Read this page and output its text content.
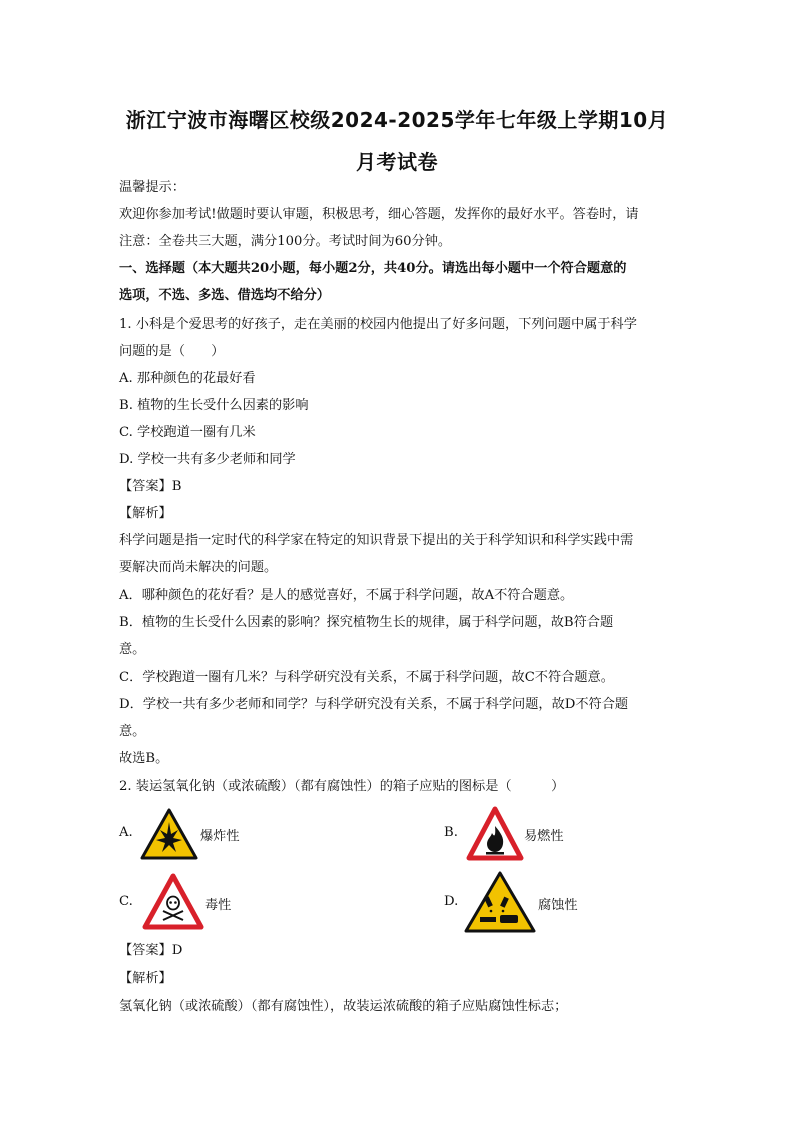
浙江宁波市海曙区校级2024-2025学年七年级上学期10月
月考试卷
温馨提示：
欢迎你参加考试!做题时要认审题，积极思考，细心答题，发挥你的最好水平。答卷时，请
注意：全卷共三大题，满分100分。考试时间为60分钟。
一、选择题（本大题共20小题，每小题2分，共40分。请选出每小题中一个符合题意的
选项，不选、多选、借选均不给分）
1. 小科是个爱思考的好孩子，走在美丽的校园内他提出了好多问题，下列问题中属于科学
问题的是（　　）
A. 那种颜色的花最好看
B. 植物的生长受什么因素的影响
C. 学校跑道一圈有几米
D. 学校一共有多少老师和同学
【答案】B
【解析】
科学问题是指一定时代的科学家在特定的知识背景下提出的关于科学知识和科学实践中需
要解决而尚未解决的问题。
A．哪种颜色的花好看？是人的感觉喜好，不属于科学问题，故A不符合题意。
B．植物的生长受什么因素的影响？探究植物生长的规律，属于科学问题，故B符合题
意。
C．学校跑道一圈有几米？与科学研究没有关系，不属于科学问题，故C不符合题意。
D．学校一共有多少老师和同学？与科学研究没有关系，不属于科学问题，故D不符合题
意。
故选B。
2. 装运氢氧化钠（或浓硫酸）（都有腐蚀性）的箱子应贴的图标是（　　　）
A.	爆炸性	B.	易燃性
C.	毒性	D.	腐蚀性
【答案】D
【解析】
氢氧化钠（或浓硫酸）（都有腐蚀性），故装运浓硫酸的箱子应贴腐蚀性标志；
